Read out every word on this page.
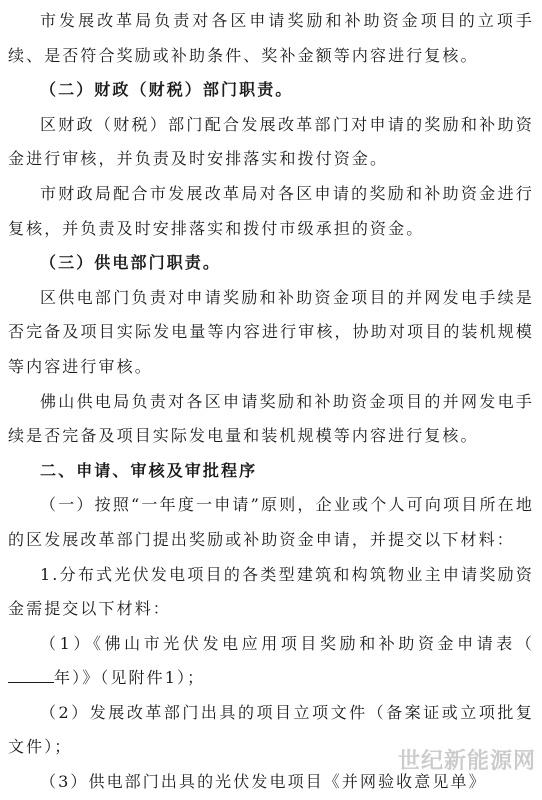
市发展改革局负责对各区申请奖励和补助资金项目的立项手续、是否符合奖励或补助条件、奖补金额等内容进行复核。

（二）财政（财税）部门职责。

区财政（财税）部门配合发展改革部门对申请的奖励和补助资金进行审核，并负责及时安排落实和拨付资金。

市财政局配合市发展改革局对各区申请的奖励和补助资金进行复核，并负责及时安排落实和拨付市级承担的资金。

（三）供电部门职责。

区供电部门负责对申请奖励和补助资金项目的并网发电手续是否完备及项目实际发电量等内容进行审核，协助对项目的装机规模等内容进行审核。

佛山供电局负责对各区申请奖励和补助资金项目的并网发电手续是否完备及项目实际发电量和装机规模等内容进行复核。

二、申请、审核及审批程序

（一）按照“一年度一申请”原则，企业或个人可向项目所在地的区发展改革部门提出奖励或补助资金申请，并提交以下材料：

1.分布式光伏发电项目的各类型建筑和构筑物业主申请奖励资金需提交以下材料：

（1）《佛山市光伏发电应用项目奖励和补助资金申请表（年）》（见附件1）；

（2）发展改革部门出具的项目立项文件（备案证或立项批复文件）；

（3）供电部门出具的光伏发电项目《并网验收意见单》

世纪新能源网
